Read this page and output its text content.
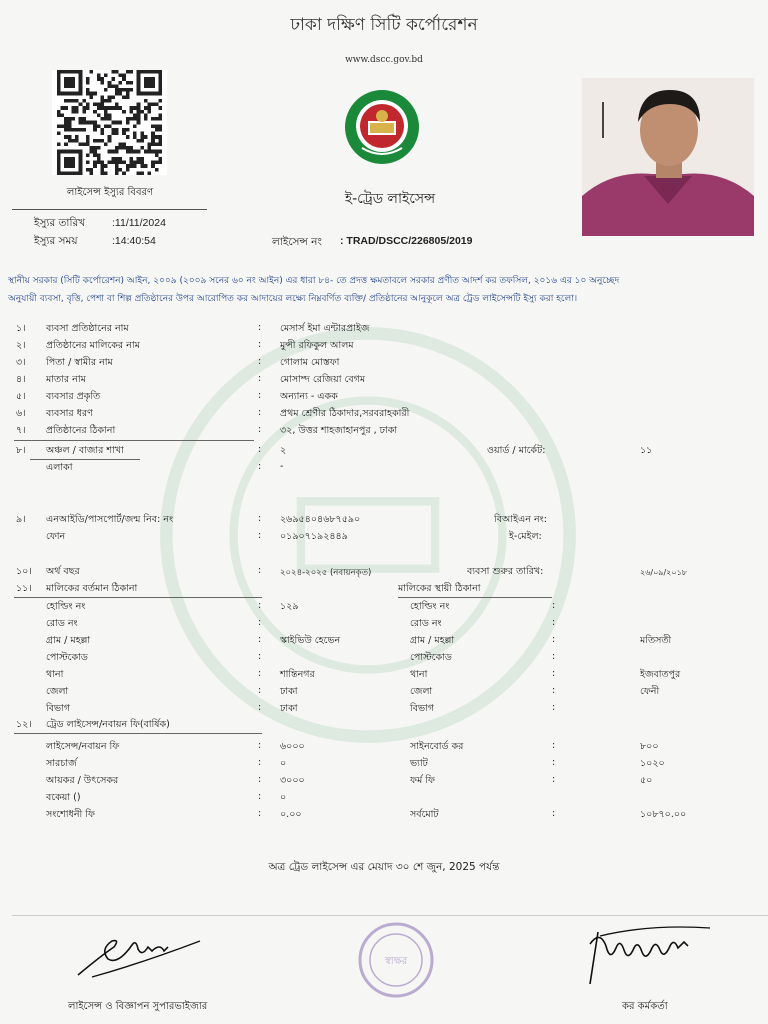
ঢাকা দক্ষিণ সিটি কর্পোরেশন
www.dscc.gov.bd
লাইসেন্স ইস্যুর বিবরণ
ইস্যুর তারিখ	:11/11/2024
ইস্যুর সময়	:14:40:54
ই-ট্রেড লাইসেন্স
লাইসেন্স নং : TRAD/DSCC/226805/2019
স্থানীয় সরকার (সিটি কর্পোরেশন) আইন, ২০০৯ (২০০৯ সনের ৬০ নং আইন) এর ধারা ৮৪- তে প্রদত্ত ক্ষমতাবলে সরকার প্রণীত আদর্শ কর তফসিল, ২০১৬ এর ১০ অনুচ্ছেদ
অনুযায়ী ব্যবসা, বৃত্তি, পেশা বা শিল্প প্রতিষ্ঠানের উপর আরোপিত কর আদায়ের লক্ষ্যে নিম্নবর্ণিত ব্যক্তি/ প্রতিষ্ঠানের আনুকূলে অত্র ট্রেড লাইসেন্সটি ইস্যু করা হলো।
১। ব্যবসা প্রতিষ্ঠানের নাম	: মেসার্স ইমা এন্টারপ্রাইজ
২। প্রতিষ্ঠানের মালিকের নাম	: মুন্সী রফিকুল আলম
৩। পিতা / স্বামীর নাম	: গোলাম মোস্তফা
৪। মাতার নাম	: মোসাম্দ রেজিয়া বেগম
৫। ব্যবসার প্রকৃতি	: অন্যান্য - একক
৬। ব্যবসার ধরণ	: প্রথম শ্রেণীর ঠিকাদার,সরবরাহকারী
৭। প্রতিষ্ঠানের ঠিকানা	: ৩২, উত্তর শাহজাহানপুর , ঢাকা
৮। অঞ্চল / বাজার শাখা	: ২	ওয়ার্ড / মার্কেট:	১১
এলাকা	: -
৯। এনআইডি/পাসপোর্ট/জন্ম নিব: নং	: ২৬৯৫৪০৪৬৮৭৫৯০	বিআইএন নং:
ফোন	: ০১৯০৭১৯২৪৪৯	ই-মেইল:
১০। অর্থ বছর	: ২০২৪-২০২৫ (নবায়নকৃত)	ব্যবসা শুরুর তারিখ:	২৬/০৯/২০১৮
১১। মালিকের বর্তমান ঠিকানা	মালিকের স্থায়ী ঠিকানা
হোল্ডিং নং	: ১২৯	হোল্ডিং নং	:
রোড নং	:	রোড নং	:
গ্রাম / মহল্লা	: স্কাইভিউ হেভেন	গ্রাম / মহল্লা	:	মতিসতী
পোস্টকোড	:	পোস্টকোড	:
থানা	: শান্তিনগর	থানা	:	ইজবাতপুর
জেলা	: ঢাকা	জেলা	:	ফেনী
বিভাগ	: ঢাকা	বিভাগ	:
১২। ট্রেড লাইসেন্স/নবায়ন ফি(বার্ষিক)
লাইসেন্স/নবায়ন ফি	: ৬০০০	সাইনবোর্ড কর	:	৮০০
সারচার্জ	: ০	ভ্যাট	:	১০২০
আয়কর / উৎসেকর	: ৩০০০	ফর্ম ফি	:	৫০
বকেয়া ()	: ০
সংশোধনী ফি	: ০.০০	সর্বমোট	:	১০৮৭০.০০
অত্র ট্রেড লাইসেন্স এর মেয়াদ ৩০ শে জুন, 2025 পর্যন্ত
স্বাক্ষর
লাইসেন্স ও বিজ্ঞাপন সুপারভাইজার	কর কর্মকর্তা
